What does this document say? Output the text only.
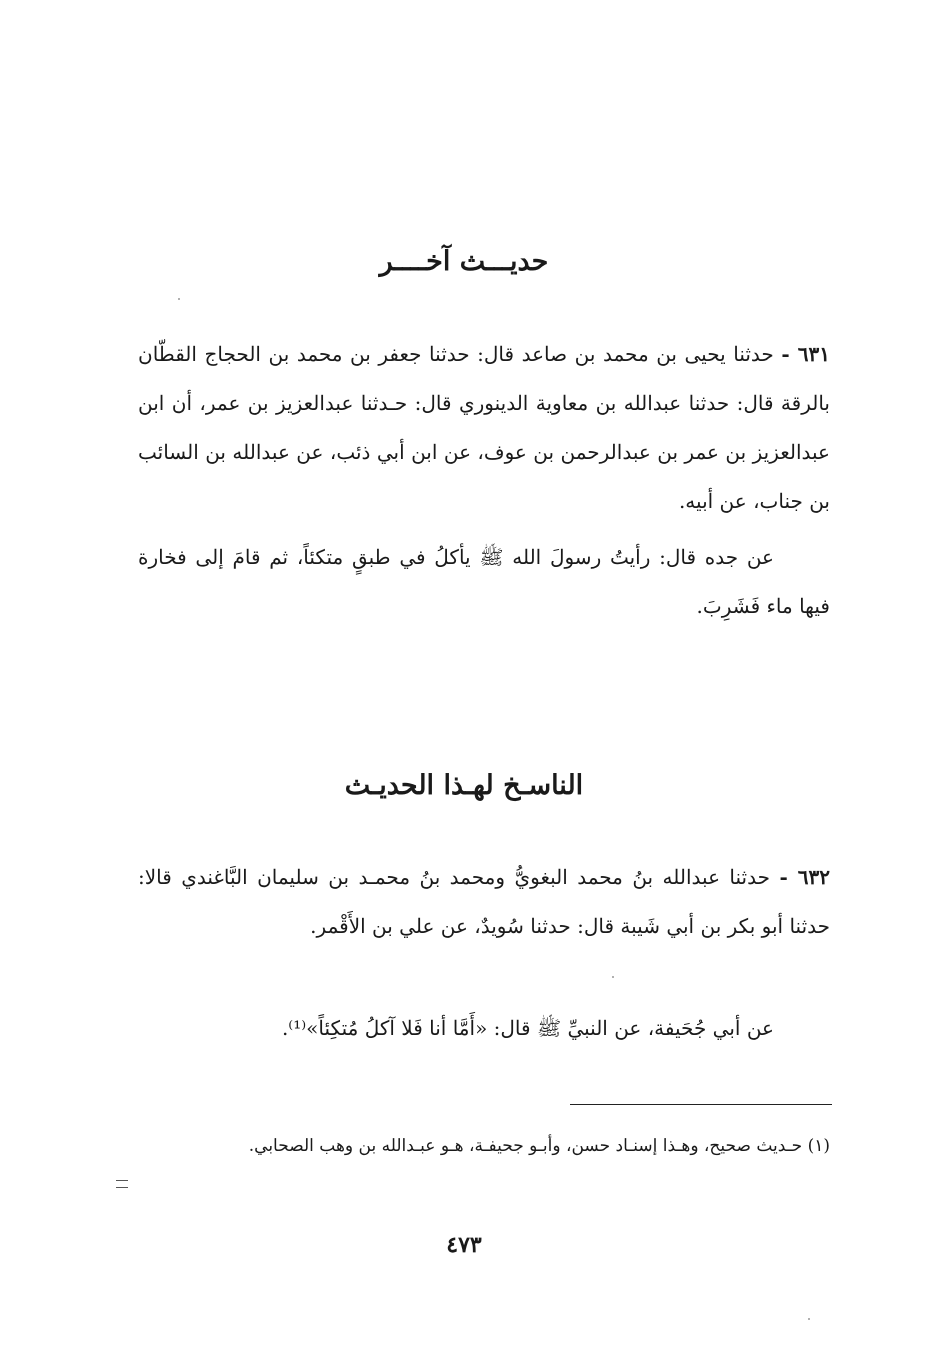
حديـــث آخــــر

٦٣١ - حدثنا يحيى بن محمد بن صاعد قال: حدثنا جعفر بن محمد بن الحجاج القطّان بالرقة قال: حدثنا عبدالله بن معاوية الدينوري قال: حـدثنا عبدالعزيز بن عمر، أن ابن عبدالعزيز بن عمر بن عبدالرحمن بن عوف، عن ابن أبي ذئب، عن عبدالله بن السائب بن جناب، عن أبيه.

عن جده قال: رأيتُ رسولَ الله ﷺ يأكلُ في طبقٍ متكئاً، ثم قامَ إلى فخارة فيها ماء فَشَرِبَ.

الناسـخ لهـذا الحديـث

٦٣٢ - حدثنا عبدالله بنُ محمد البغويُّ ومحمد بنُ محمـد بن سليمان البَّاغندي قالا: حدثنا أبو بكر بن أبي شَيبة قال: حدثنا سُويدٌ، عن علي بن الأَقْمر.

عن أبي جُحَيفة، عن النبيِّ ﷺ قال: «أَمَّا أنا فَلا آكلُ مُتكِئاً»⁽¹⁾.

(١) حـديث صحيح، وهـذا إسنـاد حسن، وأبـو جحيفـة، هـو عبـدالله بن وهب الصحابي.

٤٧٣
